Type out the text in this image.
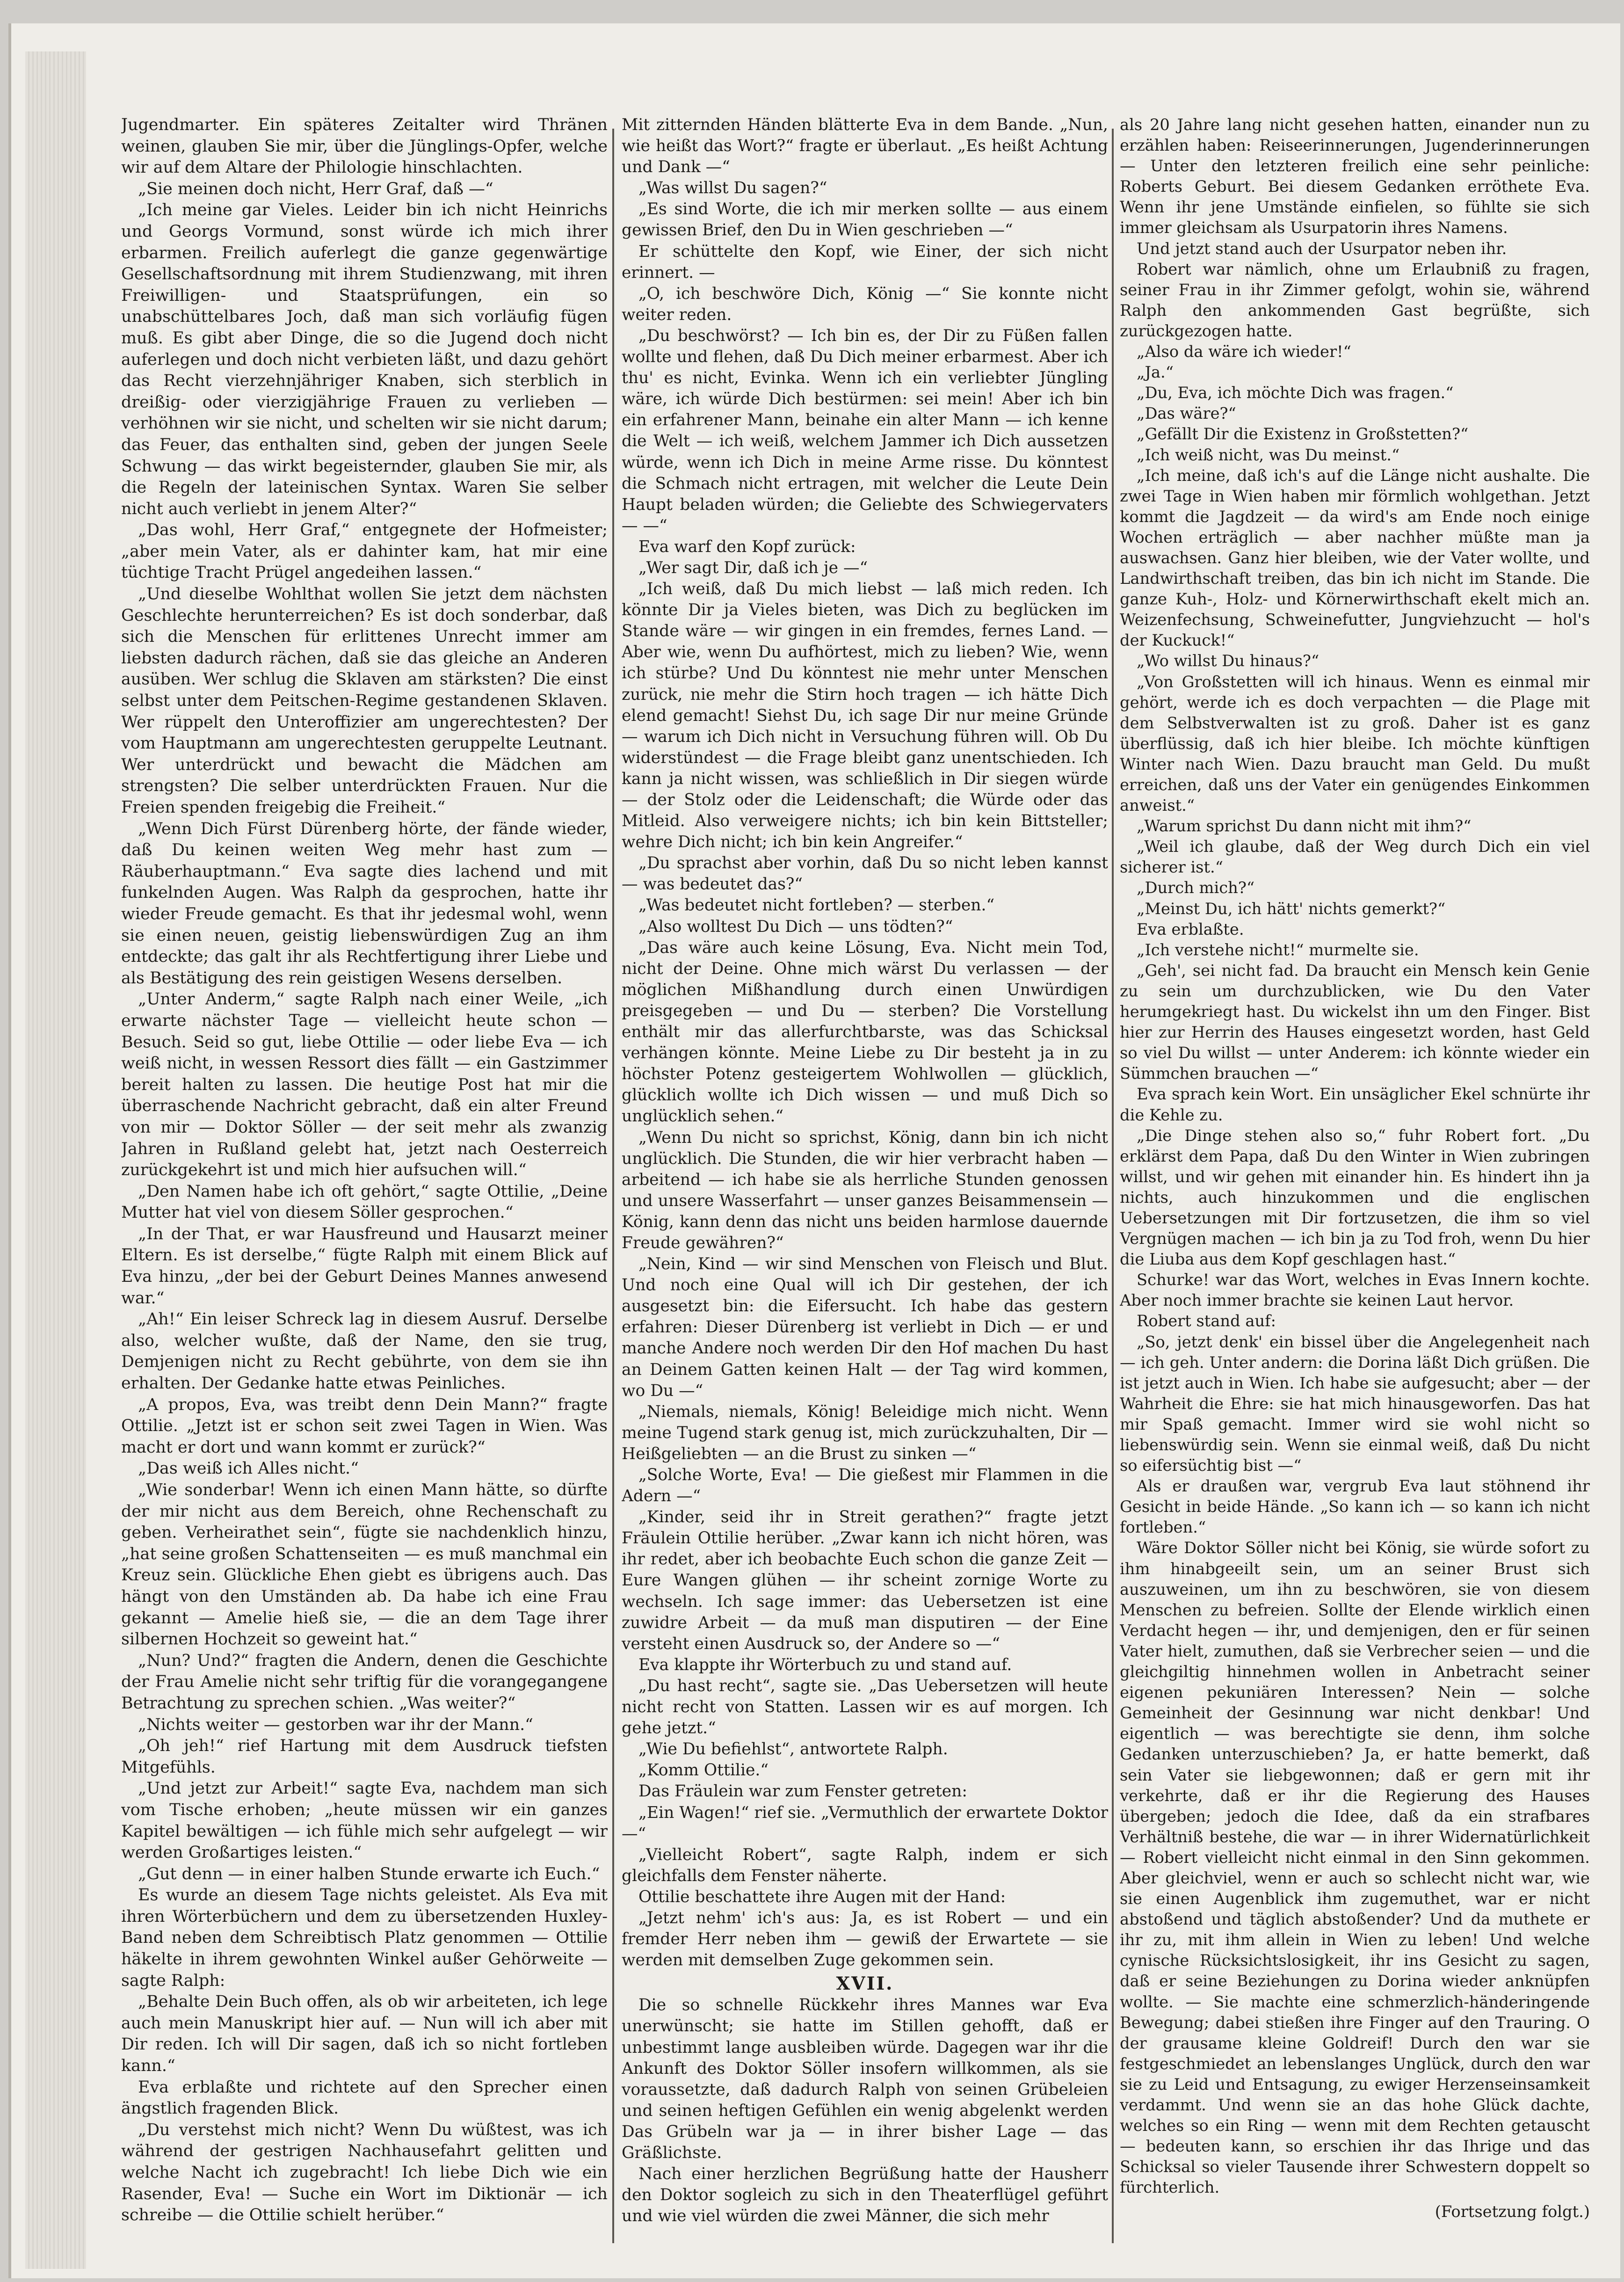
Jugendmarter. Ein späteres Zeitalter wird Thränen weinen, glauben Sie mir, über die Jünglings-Opfer, welche wir auf dem Altare der Philologie hinschlachten.

„Sie meinen doch nicht, Herr Graf, daß —“

„Ich meine gar Vieles. Leider bin ich nicht Heinrichs und Georgs Vormund, sonst würde ich mich ihrer erbarmen. Freilich auferlegt die ganze gegenwärtige Gesellschaftsordnung mit ihrem Studienzwang, mit ihren Freiwilligen- und Staatsprüfungen, ein so unabschüttelbares Joch, daß man sich vorläufig fügen muß. Es gibt aber Dinge, die so die Jugend doch nicht auferlegen und doch nicht verbieten läßt, und dazu gehört das Recht vierzehnjähriger Knaben, sich sterblich in dreißig- oder vierzigjährige Frauen zu verlieben — verhöhnen wir sie nicht, und schelten wir sie nicht darum; das Feuer, das enthalten sind, geben der jungen Seele Schwung — das wirkt begeisternder, glauben Sie mir, als die Regeln der lateinischen Syntax. Waren Sie selber nicht auch verliebt in jenem Alter?“

„Das wohl, Herr Graf,“ entgegnete der Hofmeister; „aber mein Vater, als er dahinter kam, hat mir eine tüchtige Tracht Prügel angedeihen lassen.“

„Und dieselbe Wohlthat wollen Sie jetzt dem nächsten Geschlechte herunterreichen? Es ist doch sonderbar, daß sich die Menschen für erlittenes Unrecht immer am liebsten dadurch rächen, daß sie das gleiche an Anderen ausüben. Wer schlug die Sklaven am stärksten? Die einst selbst unter dem Peitschen-Regime gestandenen Sklaven. Wer rüppelt den Unteroffizier am ungerechtesten? Der vom Hauptmann am ungerechtesten geruppelte Leutnant. Wer unterdrückt und bewacht die Mädchen am strengsten? Die selber unterdrückten Frauen. Nur die Freien spenden freigebig die Freiheit.“

„Wenn Dich Fürst Dürenberg hörte, der fände wieder, daß Du keinen weiten Weg mehr hast zum — Räuberhauptmann.“ Eva sagte dies lachend und mit funkelnden Augen. Was Ralph da gesprochen, hatte ihr wieder Freude gemacht. Es that ihr jedesmal wohl, wenn sie einen neuen, geistig liebenswürdigen Zug an ihm entdeckte; das galt ihr als Rechtfertigung ihrer Liebe und als Bestätigung des rein geistigen Wesens derselben.

„Unter Anderm,“ sagte Ralph nach einer Weile, „ich erwarte nächster Tage — vielleicht heute schon — Besuch. Seid so gut, liebe Ottilie — oder liebe Eva — ich weiß nicht, in wessen Ressort dies fällt — ein Gastzimmer bereit halten zu lassen. Die heutige Post hat mir die überraschende Nachricht gebracht, daß ein alter Freund von mir — Doktor Söller — der seit mehr als zwanzig Jahren in Rußland gelebt hat, jetzt nach Oesterreich zurückgekehrt ist und mich hier aufsuchen will.“

„Den Namen habe ich oft gehört,“ sagte Ottilie, „Deine Mutter hat viel von diesem Söller gesprochen.“

„In der That, er war Hausfreund und Hausarzt meiner Eltern. Es ist derselbe,“ fügte Ralph mit einem Blick auf Eva hinzu, „der bei der Geburt Deines Mannes anwesend war.“

„Ah!“ Ein leiser Schreck lag in diesem Ausruf. Derselbe also, welcher wußte, daß der Name, den sie trug, Demjenigen nicht zu Recht gebührte, von dem sie ihn erhalten. Der Gedanke hatte etwas Peinliches.

„A propos, Eva, was treibt denn Dein Mann?“ fragte Ottilie. „Jetzt ist er schon seit zwei Tagen in Wien. Was macht er dort und wann kommt er zurück?“

„Das weiß ich Alles nicht.“

„Wie sonderbar! Wenn ich einen Mann hätte, so dürfte der mir nicht aus dem Bereich, ohne Rechenschaft zu geben. Verheirathet sein“, fügte sie nachdenklich hinzu, „hat seine großen Schattenseiten — es muß manchmal ein Kreuz sein. Glückliche Ehen giebt es übrigens auch. Das hängt von den Umständen ab. Da habe ich eine Frau gekannt — Amelie hieß sie, — die an dem Tage ihrer silbernen Hochzeit so geweint hat.“

„Nun? Und?“ fragten die Andern, denen die Geschichte der Frau Amelie nicht sehr triftig für die vorangegangene Betrachtung zu sprechen schien. „Was weiter?“

„Nichts weiter — gestorben war ihr der Mann.“

„Oh jeh!“ rief Hartung mit dem Ausdruck tiefsten Mitgefühls.

„Und jetzt zur Arbeit!“ sagte Eva, nachdem man sich vom Tische erhoben; „heute müssen wir ein ganzes Kapitel bewältigen — ich fühle mich sehr aufgelegt — wir werden Großartiges leisten.“

„Gut denn — in einer halben Stunde erwarte ich Euch.“

Es wurde an diesem Tage nichts geleistet. Als Eva mit ihren Wörterbüchern und dem zu übersetzenden Huxley-Band neben dem Schreibtisch Platz genommen — Ottilie häkelte in ihrem gewohnten Winkel außer Gehörweite — sagte Ralph:

„Behalte Dein Buch offen, als ob wir arbeiteten, ich lege auch mein Manuskript hier auf. — Nun will ich aber mit Dir reden. Ich will Dir sagen, daß ich so nicht fortleben kann.“

Eva erblaßte und richtete auf den Sprecher einen ängstlich fragenden Blick.

„Du verstehst mich nicht? Wenn Du wüßtest, was ich während der gestrigen Nachhausefahrt gelitten und welche Nacht ich zugebracht! Ich liebe Dich wie ein Rasender, Eva! — Suche ein Wort im Diktionär — ich schreibe — die Ottilie schielt herüber.“

Mit zitternden Händen blätterte Eva in dem Bande. „Nun, wie heißt das Wort?“ fragte er überlaut. „Es heißt Achtung und Dank —“

„Was willst Du sagen?“

„Es sind Worte, die ich mir merken sollte — aus einem gewissen Brief, den Du in Wien geschrieben —“

Er schüttelte den Kopf, wie Einer, der sich nicht erinnert. —

„O, ich beschwöre Dich, König —“ Sie konnte nicht weiter reden.

„Du beschwörst? — Ich bin es, der Dir zu Füßen fallen wollte und flehen, daß Du Dich meiner erbarmest. Aber ich thu' es nicht, Evinka. Wenn ich ein verliebter Jüngling wäre, ich würde Dich bestürmen: sei mein! Aber ich bin ein erfahrener Mann, beinahe ein alter Mann — ich kenne die Welt — ich weiß, welchem Jammer ich Dich aussetzen würde, wenn ich Dich in meine Arme risse. Du könntest die Schmach nicht ertragen, mit welcher die Leute Dein Haupt beladen würden; die Geliebte des Schwiegervaters — —“

Eva warf den Kopf zurück:

„Wer sagt Dir, daß ich je —“

„Ich weiß, daß Du mich liebst — laß mich reden. Ich könnte Dir ja Vieles bieten, was Dich zu beglücken im Stande wäre — wir gingen in ein fremdes, fernes Land. — Aber wie, wenn Du aufhörtest, mich zu lieben? Wie, wenn ich stürbe? Und Du könntest nie mehr unter Menschen zurück, nie mehr die Stirn hoch tragen — ich hätte Dich elend gemacht! Siehst Du, ich sage Dir nur meine Gründe — warum ich Dich nicht in Versuchung führen will. Ob Du widerstündest — die Frage bleibt ganz unentschieden. Ich kann ja nicht wissen, was schließlich in Dir siegen würde — der Stolz oder die Leidenschaft; die Würde oder das Mitleid. Also verweigere nichts; ich bin kein Bittsteller; wehre Dich nicht; ich bin kein Angreifer.“

„Du sprachst aber vorhin, daß Du so nicht leben kannst — was bedeutet das?“

„Was bedeutet nicht fortleben? — sterben.“

„Also wolltest Du Dich — uns tödten?“

„Das wäre auch keine Lösung, Eva. Nicht mein Tod, nicht der Deine. Ohne mich wärst Du verlassen — der möglichen Mißhandlung durch einen Unwürdigen preisgegeben — und Du — sterben? Die Vorstellung enthält mir das allerfurchtbarste, was das Schicksal verhängen könnte. Meine Liebe zu Dir besteht ja in zu höchster Potenz gesteigertem Wohlwollen — glücklich, glücklich wollte ich Dich wissen — und muß Dich so unglücklich sehen.“

„Wenn Du nicht so sprichst, König, dann bin ich nicht unglücklich. Die Stunden, die wir hier verbracht haben — arbeitend — ich habe sie als herrliche Stunden genossen und unsere Wasserfahrt — unser ganzes Beisammensein — König, kann denn das nicht uns beiden harmlose dauernde Freude gewähren?“

„Nein, Kind — wir sind Menschen von Fleisch und Blut. Und noch eine Qual will ich Dir gestehen, der ich ausgesetzt bin: die Eifersucht. Ich habe das gestern erfahren: Dieser Dürenberg ist verliebt in Dich — er und manche Andere noch werden Dir den Hof machen Du hast an Deinem Gatten keinen Halt — der Tag wird kommen, wo Du —“

„Niemals, niemals, König! Beleidige mich nicht. Wenn meine Tugend stark genug ist, mich zurückzuhalten, Dir — Heißgeliebten — an die Brust zu sinken —“

„Solche Worte, Eva! — Die gießest mir Flammen in die Adern —“

„Kinder, seid ihr in Streit gerathen?“ fragte jetzt Fräulein Ottilie herüber. „Zwar kann ich nicht hören, was ihr redet, aber ich beobachte Euch schon die ganze Zeit — Eure Wangen glühen — ihr scheint zornige Worte zu wechseln. Ich sage immer: das Uebersetzen ist eine zuwidre Arbeit — da muß man disputiren — der Eine versteht einen Ausdruck so, der Andere so —“

Eva klappte ihr Wörterbuch zu und stand auf.

„Du hast recht“, sagte sie. „Das Uebersetzen will heute nicht recht von Statten. Lassen wir es auf morgen. Ich gehe jetzt.“

„Wie Du befiehlst“, antwortete Ralph.

„Komm Ottilie.“

Das Fräulein war zum Fenster getreten:

„Ein Wagen!“ rief sie. „Vermuthlich der erwartete Doktor —“

„Vielleicht Robert“, sagte Ralph, indem er sich gleichfalls dem Fenster näherte.

Ottilie beschattete ihre Augen mit der Hand:

„Jetzt nehm' ich's aus: Ja, es ist Robert — und ein fremder Herr neben ihm — gewiß der Erwartete — sie werden mit demselben Zuge gekommen sein.

XVII.

Die so schnelle Rückkehr ihres Mannes war Eva unerwünscht; sie hatte im Stillen gehofft, daß er unbestimmt lange ausbleiben würde. Dagegen war ihr die Ankunft des Doktor Söller insofern willkommen, als sie voraussetzte, daß dadurch Ralph von seinen Grübeleien und seinen heftigen Gefühlen ein wenig abgelenkt werden Das Grübeln war ja — in ihrer bisher Lage — das Gräßlichste.

Nach einer herzlichen Begrüßung hatte der Hausherr den Doktor sogleich zu sich in den Theaterflügel geführt und wie viel würden die zwei Männer, die sich mehr

als 20 Jahre lang nicht gesehen hatten, einander nun zu erzählen haben: Reiseerinnerungen, Jugenderinnerungen — Unter den letzteren freilich eine sehr peinliche: Roberts Geburt. Bei diesem Gedanken erröthete Eva. Wenn ihr jene Umstände einfielen, so fühlte sie sich immer gleichsam als Usurpatorin ihres Namens.

Und jetzt stand auch der Usurpator neben ihr.

Robert war nämlich, ohne um Erlaubniß zu fragen, seiner Frau in ihr Zimmer gefolgt, wohin sie, während Ralph den ankommenden Gast begrüßte, sich zurückgezogen hatte.

„Also da wäre ich wieder!“

„Ja.“

„Du, Eva, ich möchte Dich was fragen.“

„Das wäre?“

„Gefällt Dir die Existenz in Großstetten?“

„Ich weiß nicht, was Du meinst.“

„Ich meine, daß ich's auf die Länge nicht aushalte. Die zwei Tage in Wien haben mir förmlich wohlgethan. Jetzt kommt die Jagdzeit — da wird's am Ende noch einige Wochen erträglich — aber nachher müßte man ja auswachsen. Ganz hier bleiben, wie der Vater wollte, und Landwirthschaft treiben, das bin ich nicht im Stande. Die ganze Kuh-, Holz- und Körnerwirthschaft ekelt mich an. Weizenfechsung, Schweinefutter, Jungviehzucht — hol's der Kuckuck!“

„Wo willst Du hinaus?“

„Von Großstetten will ich hinaus. Wenn es einmal mir gehört, werde ich es doch verpachten — die Plage mit dem Selbstverwalten ist zu groß. Daher ist es ganz überflüssig, daß ich hier bleibe. Ich möchte künftigen Winter nach Wien. Dazu braucht man Geld. Du mußt erreichen, daß uns der Vater ein genügendes Einkommen anweist.“

„Warum sprichst Du dann nicht mit ihm?“

„Weil ich glaube, daß der Weg durch Dich ein viel sicherer ist.“

„Durch mich?“

„Meinst Du, ich hätt' nichts gemerkt?“

Eva erblaßte.

„Ich verstehe nicht!“ murmelte sie.

„Geh', sei nicht fad. Da braucht ein Mensch kein Genie zu sein um durchzublicken, wie Du den Vater herumgekriegt hast. Du wickelst ihn um den Finger. Bist hier zur Herrin des Hauses eingesetzt worden, hast Geld so viel Du willst — unter Anderem: ich könnte wieder ein Sümmchen brauchen —“

Eva sprach kein Wort. Ein unsäglicher Ekel schnürte ihr die Kehle zu.

„Die Dinge stehen also so,“ fuhr Robert fort. „Du erklärst dem Papa, daß Du den Winter in Wien zubringen willst, und wir gehen mit einander hin. Es hindert ihn ja nichts, auch hinzukommen und die englischen Uebersetzungen mit Dir fortzusetzen, die ihm so viel Vergnügen machen — ich bin ja zu Tod froh, wenn Du hier die Liuba aus dem Kopf geschlagen hast.“

Schurke! war das Wort, welches in Evas Innern kochte. Aber noch immer brachte sie keinen Laut hervor.

Robert stand auf:

„So, jetzt denk' ein bissel über die Angelegenheit nach — ich geh. Unter andern: die Dorina läßt Dich grüßen. Die ist jetzt auch in Wien. Ich habe sie aufgesucht; aber — der Wahrheit die Ehre: sie hat mich hinausgeworfen. Das hat mir Spaß gemacht. Immer wird sie wohl nicht so liebenswürdig sein. Wenn sie einmal weiß, daß Du nicht so eifersüchtig bist —“

Als er draußen war, vergrub Eva laut stöhnend ihr Gesicht in beide Hände. „So kann ich — so kann ich nicht fortleben.“

Wäre Doktor Söller nicht bei König, sie würde sofort zu ihm hinabgeeilt sein, um an seiner Brust sich auszuweinen, um ihn zu beschwören, sie von diesem Menschen zu befreien. Sollte der Elende wirklich einen Verdacht hegen — ihr, und demjenigen, den er für seinen Vater hielt, zumuthen, daß sie Verbrecher seien — und die gleichgiltig hinnehmen wollen in Anbetracht seiner eigenen pekuniären Interessen? Nein — solche Gemeinheit der Gesinnung war nicht denkbar! Und eigentlich — was berechtigte sie denn, ihm solche Gedanken unterzuschieben? Ja, er hatte bemerkt, daß sein Vater sie liebgewonnen; daß er gern mit ihr verkehrte, daß er ihr die Regierung des Hauses übergeben; jedoch die Idee, daß da ein strafbares Verhältniß bestehe, die war — in ihrer Widernatürlichkeit — Robert vielleicht nicht einmal in den Sinn gekommen. Aber gleichviel, wenn er auch so schlecht nicht war, wie sie einen Augenblick ihm zugemuthet, war er nicht abstoßend und täglich abstoßender? Und da muthete er ihr zu, mit ihm allein in Wien zu leben! Und welche cynische Rücksichtslosigkeit, ihr ins Gesicht zu sagen, daß er seine Beziehungen zu Dorina wieder anknüpfen wollte. — Sie machte eine schmerzlich-händeringende Bewegung; dabei stießen ihre Finger auf den Trauring. O der grausame kleine Goldreif! Durch den war sie festgeschmiedet an lebenslanges Unglück, durch den war sie zu Leid und Entsagung, zu ewiger Herzenseinsamkeit verdammt. Und wenn sie an das hohe Glück dachte, welches so ein Ring — wenn mit dem Rechten getauscht — bedeuten kann, so erschien ihr das Ihrige und das Schicksal so vieler Tausende ihrer Schwestern doppelt so fürchterlich.

(Fortsetzung folgt.)
